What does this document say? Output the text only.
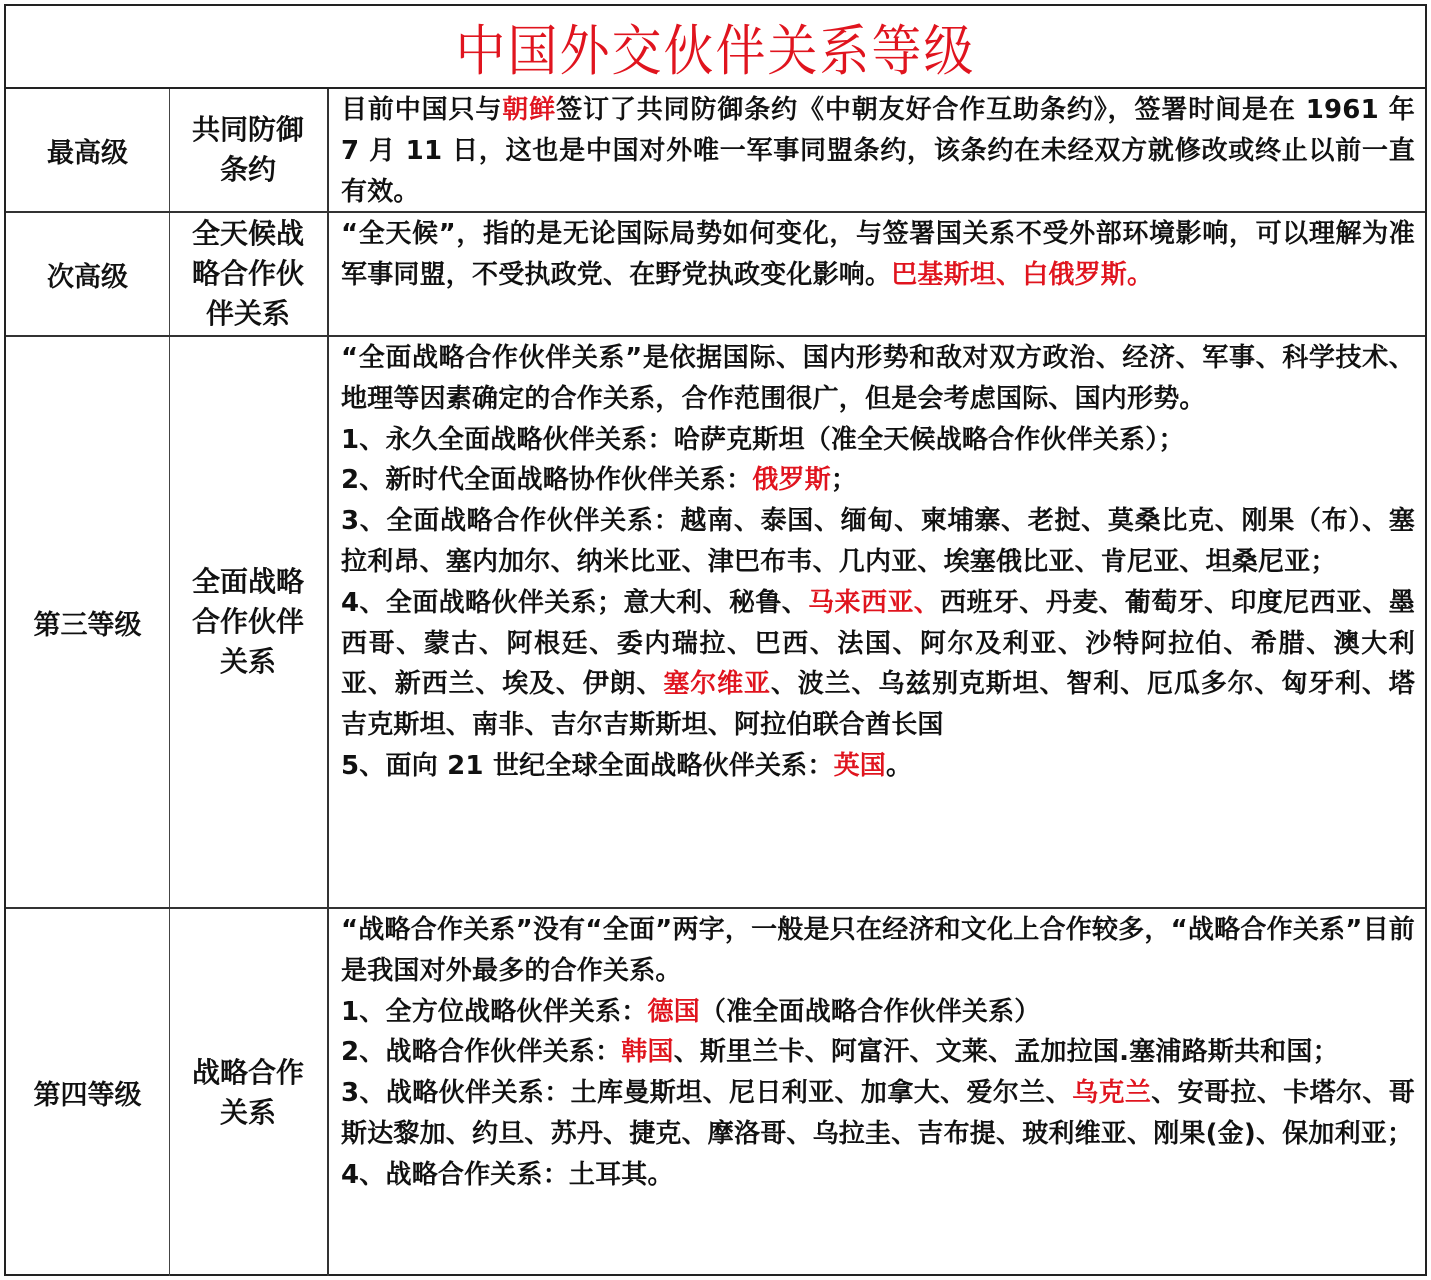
中国外交伙伴关系等级
最高级
共同防御条约

目前中国只与朝鲜签订了共同防御条约《中朝友好合作互助条约》，签署时间是在 1961 年 7 月 11 日，这也是中国对外唯一军事同盟条约，该条约在未经双方就修改或终止以前一直有效。

次高级
全天候战略合作伙伴关系

“全天候”，指的是无论国际局势如何变化，与签署国关系不受外部环境影响，可以理解为准军事同盟，不受执政党、在野党执政变化影响。巴基斯坦、白俄罗斯。

第三等级
全面战略合作伙伴关系

“全面战略合作伙伴关系”是依据国际、国内形势和敌对双方政治、经济、军事、科学技术、地理等因素确定的合作关系，合作范围很广，但是会考虑国际、国内形势。

1、永久全面战略伙伴关系：哈萨克斯坦（准全天候战略合作伙伴关系）；

2、新时代全面战略协作伙伴关系：俄罗斯；

3、全面战略合作伙伴关系：越南、泰国、缅甸、柬埔寨、老挝、莫桑比克、刚果（布）、塞拉利昂、塞内加尔、纳米比亚、津巴布韦、几内亚、埃塞俄比亚、肯尼亚、坦桑尼亚；

4、全面战略伙伴关系；意大利、秘鲁、马来西亚、西班牙、丹麦、葡萄牙、印度尼西亚、墨西哥、蒙古、阿根廷、委内瑞拉、巴西、法国、阿尔及利亚、沙特阿拉伯、希腊、澳大利亚、新西兰、埃及、伊朗、塞尔维亚、波兰、乌兹别克斯坦、智利、厄瓜多尔、匈牙利、塔吉克斯坦、南非、吉尔吉斯斯坦、阿拉伯联合酋长国

5、面向 21 世纪全球全面战略伙伴关系：英国。

第四等级
战略合作关系

“战略合作关系”没有“全面”两字，一般是只在经济和文化上合作较多，“战略合作关系”目前是我国对外最多的合作关系。

1、全方位战略伙伴关系：德国（准全面战略合作伙伴关系）

2、战略合作伙伴关系：韩国、斯里兰卡、阿富汗、文莱、孟加拉国.塞浦路斯共和国；

3、战略伙伴关系：土库曼斯坦、尼日利亚、加拿大、爱尔兰、乌克兰、安哥拉、卡塔尔、哥斯达黎加、约旦、苏丹、捷克、摩洛哥、乌拉圭、吉布提、玻利维亚、刚果(金)、保加利亚；

4、战略合作关系：土耳其。
